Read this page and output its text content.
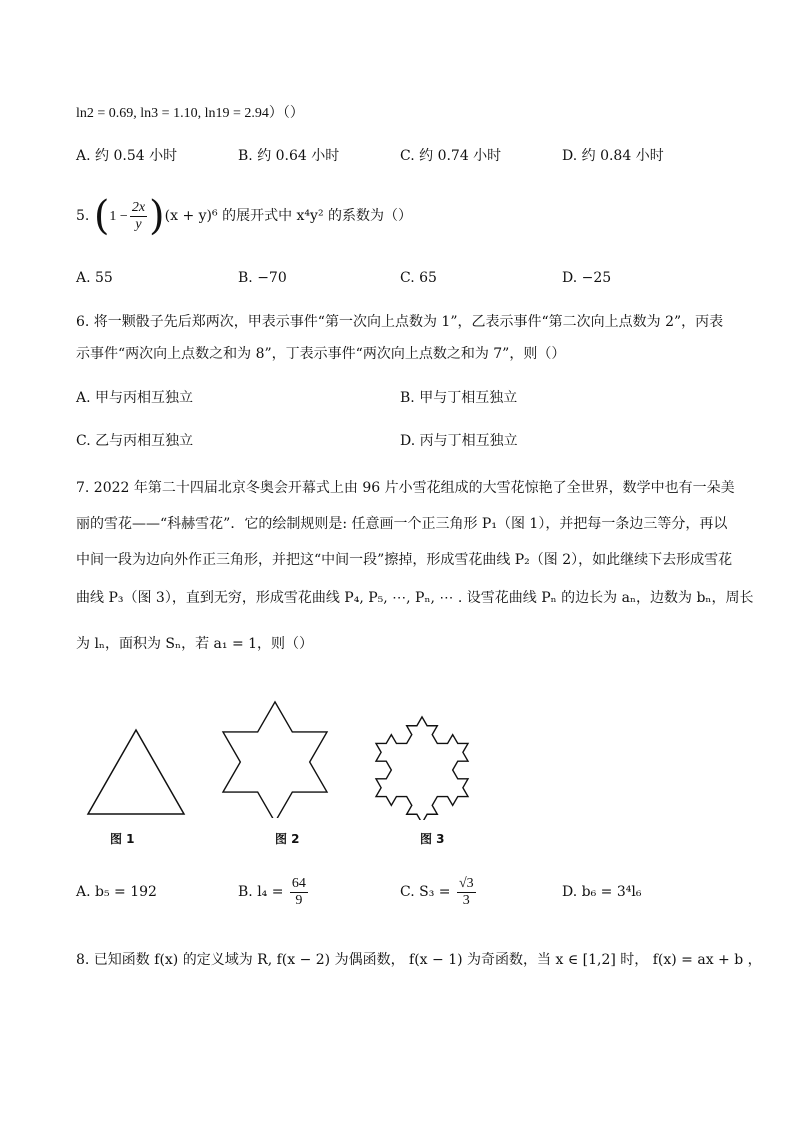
ln2 = 0.69, ln3 = 1.10, ln19 = 2.94）（）
A. 约 0.54 小时	B. 约 0.64 小时	C. 约 0.74 小时	D. 约 0.84 小时
5. $(1 - \frac{2x}{y} )(x + y)^6$ 的展开式中 x⁴y² 的系数为（）
A. 55	B. −70	C. 65	D. −25
6. 将一颗骰子先后郑两次，甲表示事件“第一次向上点数为 1”，乙表示事件“第二次向上点数为 2”，丙表
示事件“两次向上点数之和为 8”，丁表示事件“两次向上点数之和为 7”，则（）
A. 甲与丙相互独立	B. 甲与丁相互独立
C. 乙与丙相互独立	D. 丙与丁相互独立
7. 2022 年第二十四届北京冬奥会开幕式上由 96 片小雪花组成的大雪花惊艳了全世界，数学中也有一朵美
丽的雪花——“科赫雪花”．它的绘制规则是: 任意画一个正三角形 P₁（图 1），并把每一条边三等分，再以
中间一段为边向外作正三角形，并把这“中间一段”擦掉，形成雪花曲线 P₂（图 2），如此继续下去形成雪花
曲线 P₃（图 3），直到无穷，形成雪花曲线 P₄, P₅, ⋯, Pₙ, ⋯ . 设雪花曲线 Pₙ 的边长为 aₙ，边数为 bₙ，周长
为 lₙ，面积为 Sₙ，若 a₁ = 1，则（）
图 1	图 2	图 3
A. b₅ = 192	B. $l_4 = \frac{64}{9}$	C. $S_3 = \frac{√3}{3}$	D. b₆ = 3⁴l₆
8. 已知函数 f(x) 的定义域为 R, f(x − 2) 为偶函数， f(x − 1) 为奇函数，当 x ∈ [1,2] 时， f(x) = ax + b ，
